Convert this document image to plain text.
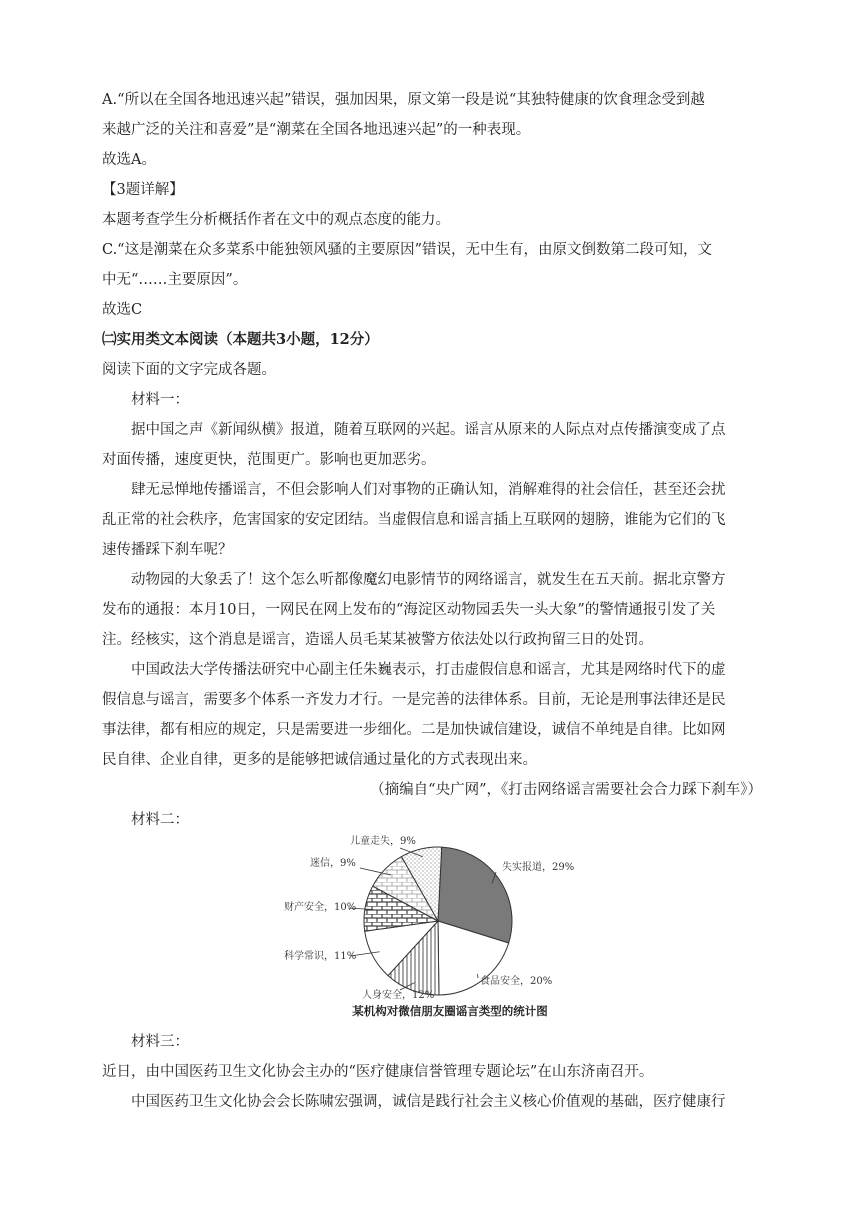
A.“所以在全国各地迅速兴起”错误，强加因果，原文第一段是说“其独特健康的饮食理念受到越
来越广泛的关注和喜爱”是“潮菜在全国各地迅速兴起”的一种表现。
故选A。
【3题详解】
本题考查学生分析概括作者在文中的观点态度的能力。
C.“这是潮菜在众多菜系中能独领风骚的主要原因”错误，无中生有，由原文倒数第二段可知，文
中无“……主要原因”。
故选C
㈡实用类文本阅读（本题共3小题，12分）
阅读下面的文字完成各题。
材料一：
据中国之声《新闻纵横》报道，随着互联网的兴起。谣言从原来的人际点对点传播演变成了点
对面传播，速度更快，范围更广。影响也更加恶劣。
肆无忌惮地传播谣言，不但会影响人们对事物的正确认知，消解难得的社会信任，甚至还会扰
乱正常的社会秩序，危害国家的安定团结。当虚假信息和谣言插上互联网的翅膀，谁能为它们的飞
速传播踩下刹车呢？
动物园的大象丢了！这个怎么听都像魔幻电影情节的网络谣言，就发生在五天前。据北京警方
发布的通报：本月10日，一网民在网上发布的“海淀区动物园丢失一头大象”的警情通报引发了关
注。经核实，这个消息是谣言，造谣人员毛某某被警方依法处以行政拘留三日的处罚。
中国政法大学传播法研究中心副主任朱巍表示，打击虚假信息和谣言，尤其是网络时代下的虚
假信息与谣言，需要多个体系一齐发力才行。一是完善的法律体系。目前，无论是刑事法律还是民
事法律，都有相应的规定，只是需要进一步细化。二是加快诚信建设，诚信不单纯是自律。比如网
民自律、企业自律，更多的是能够把诚信通过量化的方式表现出来。
（摘编自“央广网”，《打击网络谣言需要社会合力踩下刹车》）
材料二：
失实报道，29%
食品安全，20%
人身安全，12%
科学常识，11%
财产安全，10%
迷信，9%
儿童走失，9%
某机构对微信朋友圈谣言类型的统计图
材料三：
近日，由中国医药卫生文化协会主办的“医疗健康信誉管理专题论坛”在山东济南召开。
中国医药卫生文化协会会长陈啸宏强调，诚信是践行社会主义核心价值观的基础，医疗健康行
